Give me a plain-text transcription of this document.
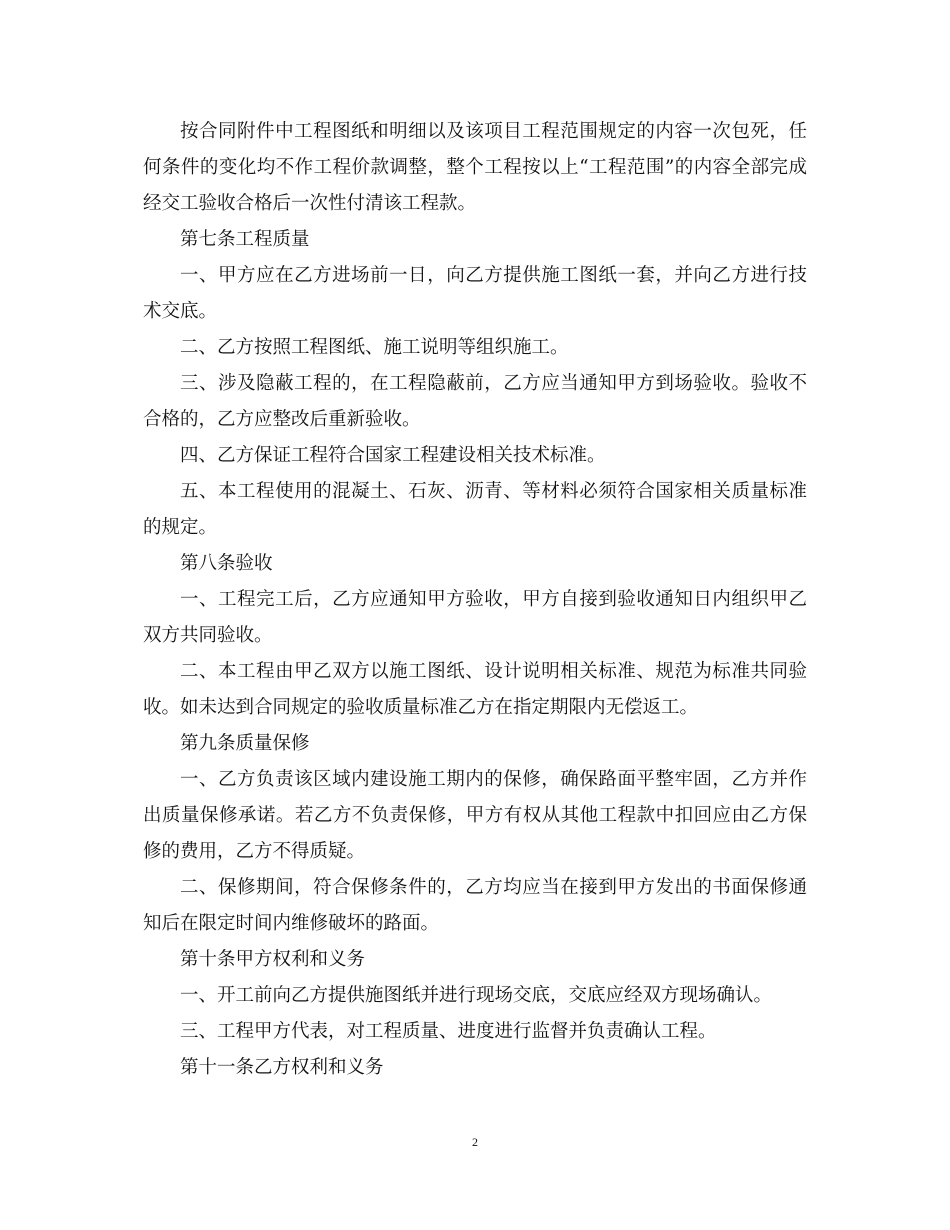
按合同附件中工程图纸和明细以及该项目工程范围规定的内容一次包死，任何条件的变化均不作工程价款调整，整个工程按以上“工程范围”的内容全部完成经交工验收合格后一次性付清该工程款。

第七条工程质量

一、甲方应在乙方进场前一日，向乙方提供施工图纸一套，并向乙方进行技术交底。

二、乙方按照工程图纸、施工说明等组织施工。

三、涉及隐蔽工程的，在工程隐蔽前，乙方应当通知甲方到场验收。验收不合格的，乙方应整改后重新验收。

四、乙方保证工程符合国家工程建设相关技术标准。

五、本工程使用的混凝土、石灰、沥青、等材料必须符合国家相关质量标准的规定。

第八条验收

一、工程完工后，乙方应通知甲方验收，甲方自接到验收通知日内组织甲乙双方共同验收。

二、本工程由甲乙双方以施工图纸、设计说明相关标准、规范为标准共同验收。如未达到合同规定的验收质量标准乙方在指定期限内无偿返工。

第九条质量保修

一、乙方负责该区域内建设施工期内的保修，确保路面平整牢固，乙方并作出质量保修承诺。若乙方不负责保修，甲方有权从其他工程款中扣回应由乙方保修的费用，乙方不得质疑。

二、保修期间，符合保修条件的，乙方均应当在接到甲方发出的书面保修通知后在限定时间内维修破坏的路面。

第十条甲方权利和义务

一、开工前向乙方提供施图纸并进行现场交底，交底应经双方现场确认。

三、工程甲方代表，对工程质量、进度进行监督并负责确认工程。

第十一条乙方权利和义务

2
